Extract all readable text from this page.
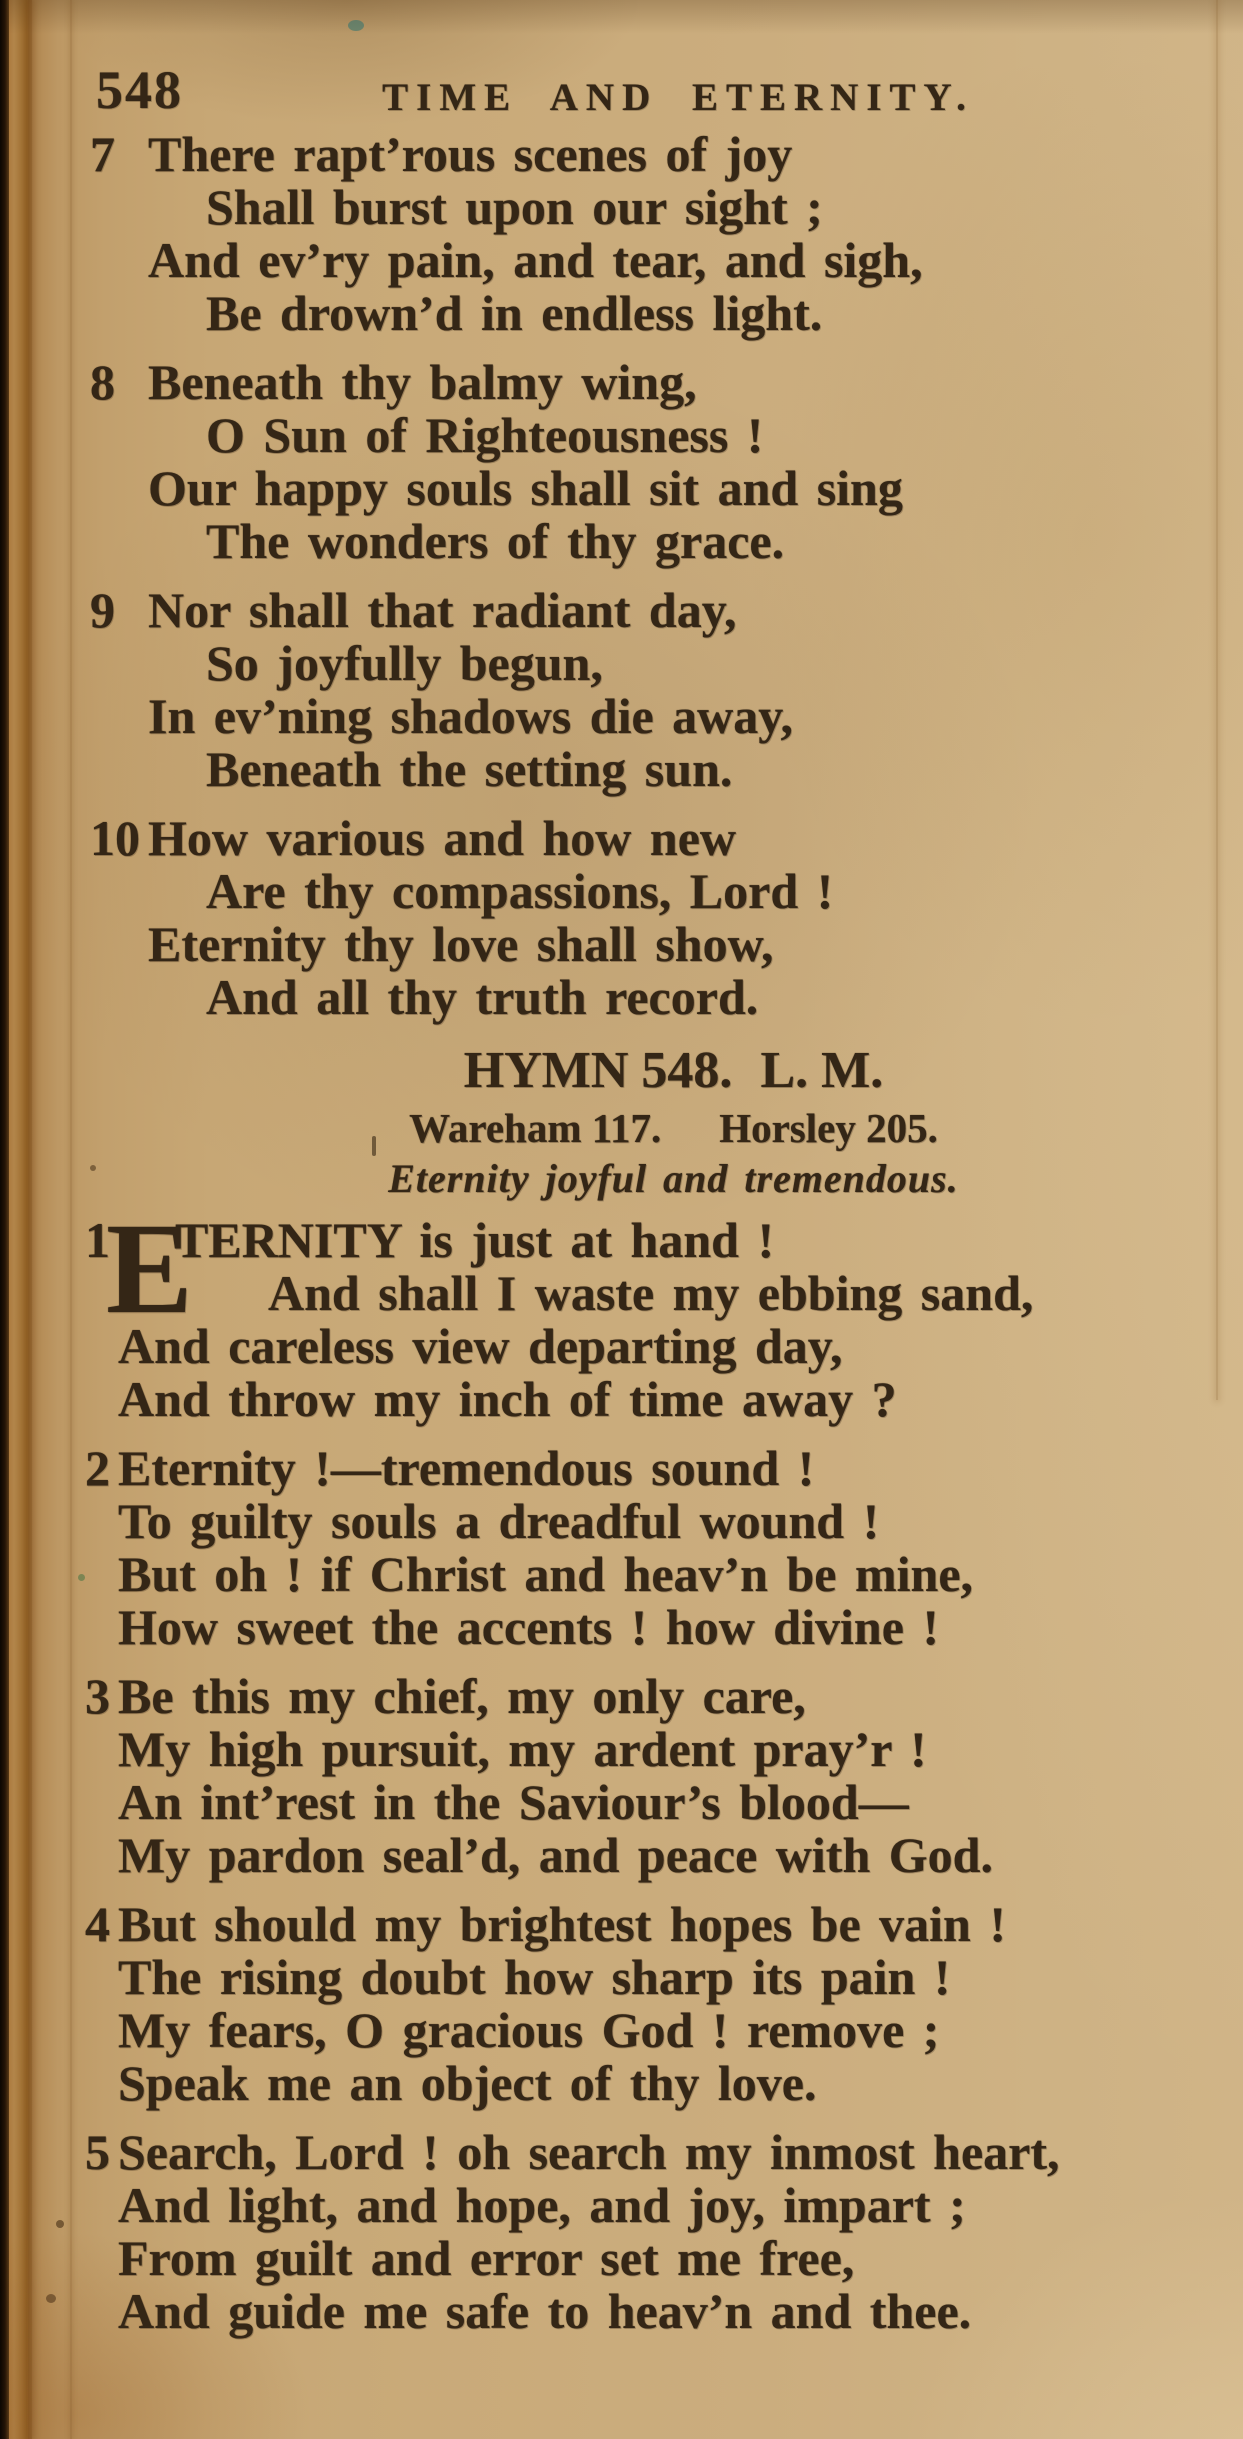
548	TIME AND ETERNITY.
7 There rapt’rous scenes of joy
Shall burst upon our sight ;
And ev’ry pain, and tear, and sigh,
Be drown’d in endless light.
8 Beneath thy balmy wing,
O Sun of Righteousness !
Our happy souls shall sit and sing
The wonders of thy grace.
9 Nor shall that radiant day,
So joyfully begun,
In ev’ning shadows die away,
Beneath the setting sun.
10 How various and how new
Are thy compassions, Lord !
Eternity thy love shall show,
And all thy truth record.
HYMN 548. L. M.
Wareham 117. Horsley 205.
Eternity joyful and tremendous.
1
E
TERNITY is just at hand !
And shall I waste my ebbing sand,
And careless view departing day,
And throw my inch of time away ?
2 Eternity !—tremendous sound !
To guilty souls a dreadful wound !
But oh ! if Christ and heav’n be mine,
How sweet the accents ! how divine !
3 Be this my chief, my only care,
My high pursuit, my ardent pray’r !
An int’rest in the Saviour’s blood—
My pardon seal’d, and peace with God.
4 But should my brightest hopes be vain !
The rising doubt how sharp its pain !
My fears, O gracious God ! remove ;
Speak me an object of thy love.
5 Search, Lord ! oh search my inmost heart,
And light, and hope, and joy, impart ;
From guilt and error set me free,
And guide me safe to heav’n and thee.
